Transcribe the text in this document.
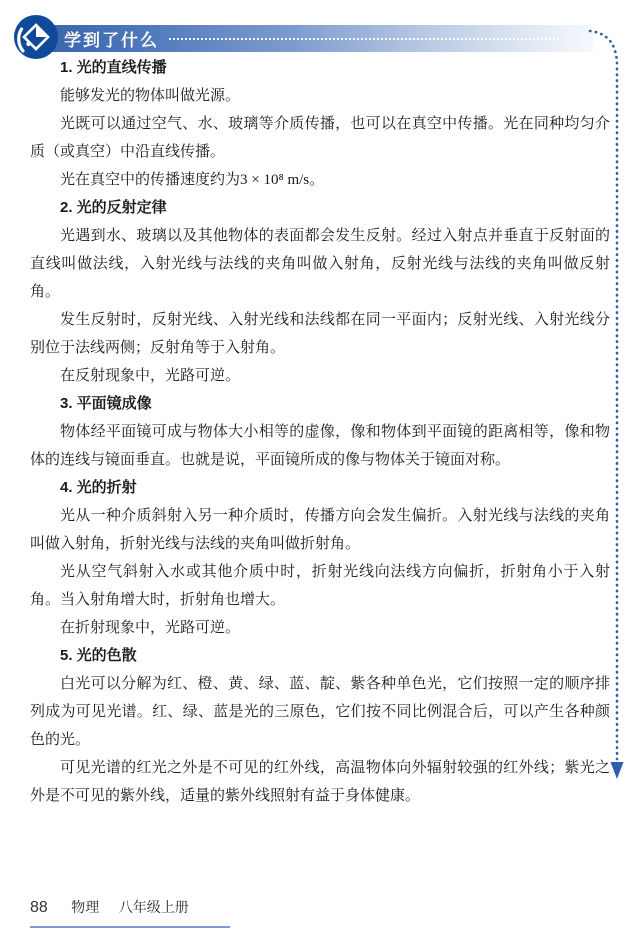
学到了什么

1. 光的直线传播

能够发光的物体叫做光源。

光既可以通过空气、水、玻璃等介质传播，也可以在真空中传播。光在同种均匀介质（或真空）中沿直线传播。

光在真空中的传播速度约为3 × 10⁸ m/s。

2. 光的反射定律

光遇到水、玻璃以及其他物体的表面都会发生反射。经过入射点并垂直于反射面的直线叫做法线，入射光线与法线的夹角叫做入射角，反射光线与法线的夹角叫做反射角。

发生反射时，反射光线、入射光线和法线都在同一平面内；反射光线、入射光线分别位于法线两侧；反射角等于入射角。

在反射现象中，光路可逆。

3. 平面镜成像

物体经平面镜可成与物体大小相等的虚像，像和物体到平面镜的距离相等，像和物体的连线与镜面垂直。也就是说，平面镜所成的像与物体关于镜面对称。

4. 光的折射

光从一种介质斜射入另一种介质时，传播方向会发生偏折。入射光线与法线的夹角叫做入射角，折射光线与法线的夹角叫做折射角。

光从空气斜射入水或其他介质中时，折射光线向法线方向偏折，折射角小于入射角。当入射角增大时，折射角也增大。

在折射现象中，光路可逆。

5. 光的色散

白光可以分解为红、橙、黄、绿、蓝、靛、紫各种单色光，它们按照一定的顺序排列成为可见光谱。红、绿、蓝是光的三原色，它们按不同比例混合后，可以产生各种颜色的光。

可见光谱的红光之外是不可见的红外线，高温物体向外辐射较强的红外线；紫光之外是不可见的紫外线，适量的紫外线照射有益于身体健康。

88 物理 八年级上册
